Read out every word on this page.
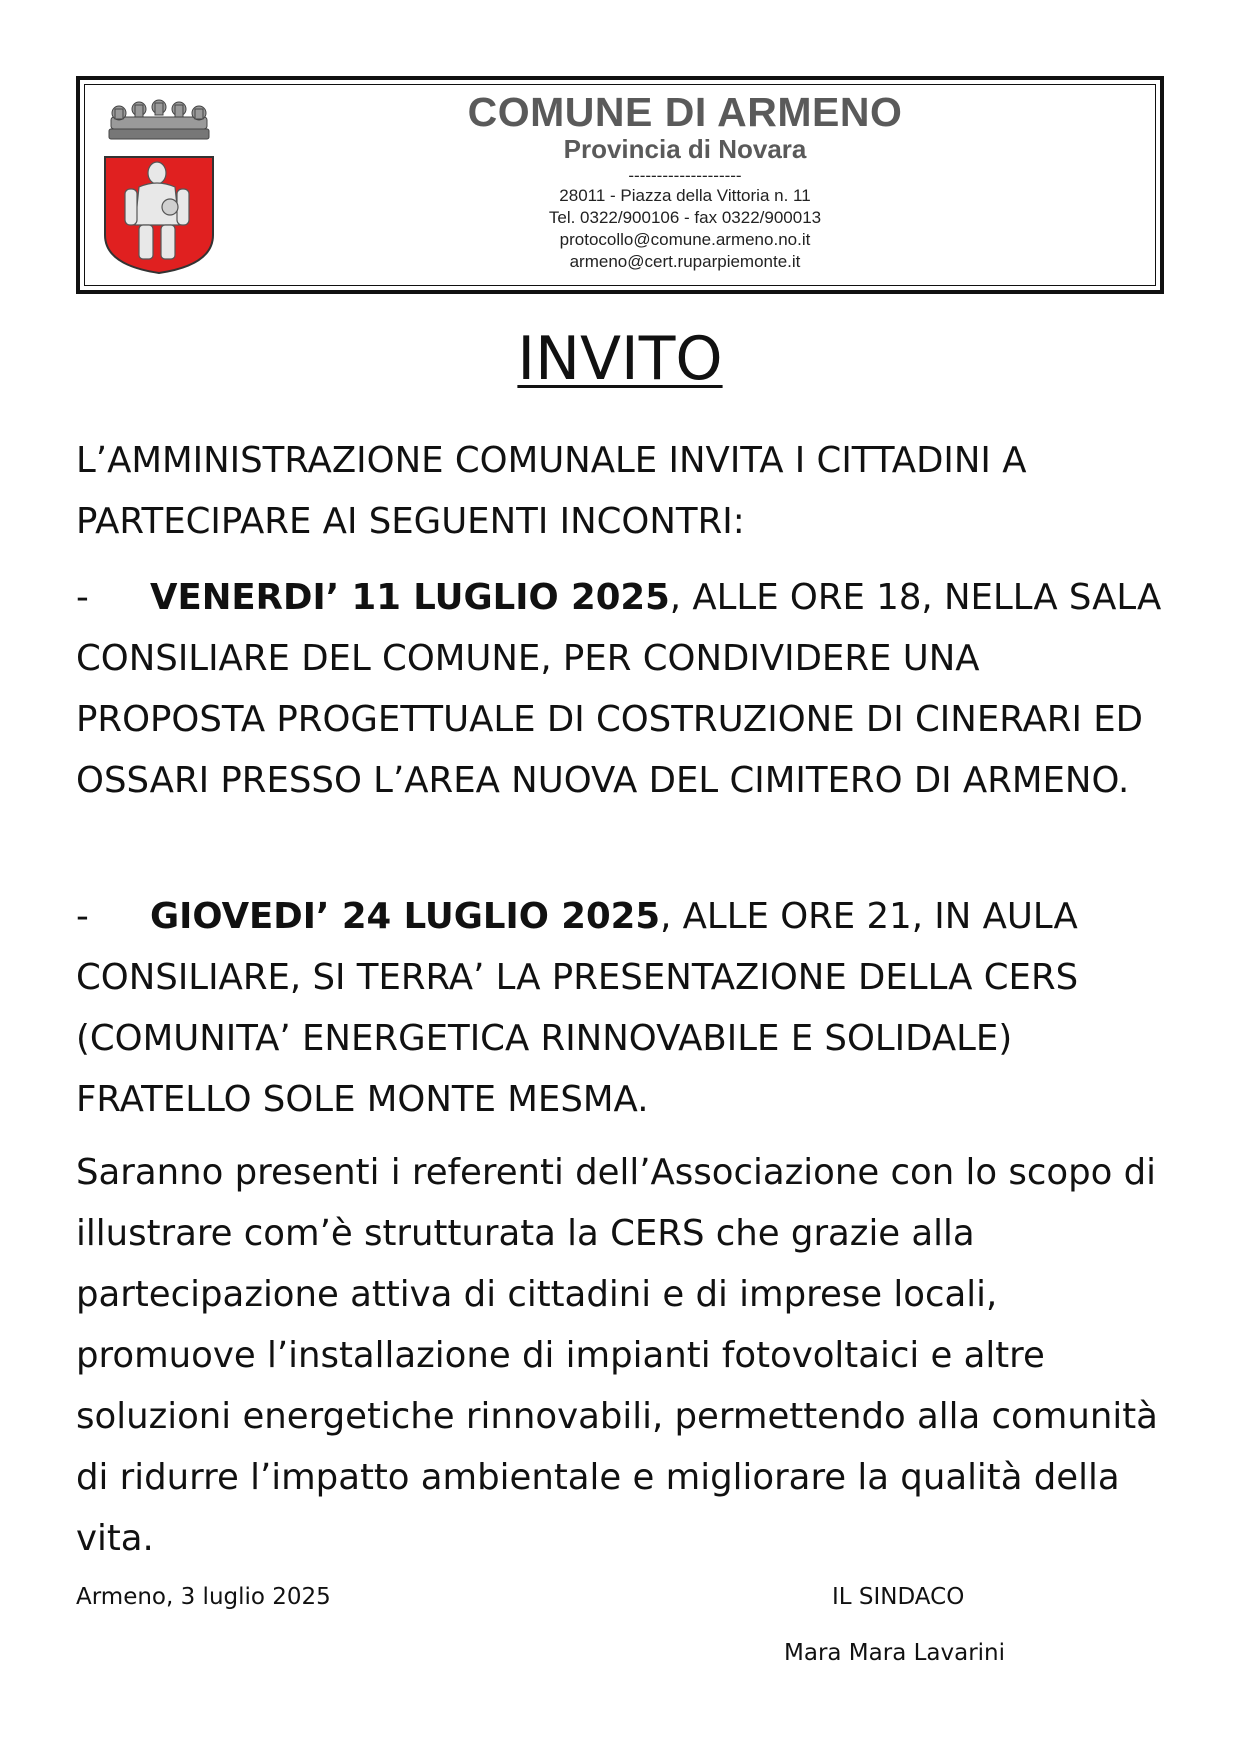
COMUNE DI ARMENO
Provincia di Novara
--------------------
28011 - Piazza della Vittoria n. 11
Tel. 0322/900106 - fax 0322/900013
protocollo@comune.armeno.no.it
armeno@cert.ruparpiemonte.it
INVITO

L’AMMINISTRAZIONE COMUNALE INVITA I CITTADINI A PARTECIPARE AI SEGUENTI INCONTRI:

- VENERDI’ 11 LUGLIO 2025, ALLE ORE 18, NELLA SALA CONSILIARE DEL COMUNE, PER CONDIVIDERE UNA PROPOSTA PROGETTUALE DI COSTRUZIONE DI CINERARI ED OSSARI PRESSO L’AREA NUOVA DEL CIMITERO DI ARMENO.

- GIOVEDI’ 24 LUGLIO 2025, ALLE ORE 21, IN AULA CONSILIARE, SI TERRA’ LA PRESENTAZIONE DELLA CERS (COMUNITA’ ENERGETICA RINNOVABILE E SOLIDALE) FRATELLO SOLE MONTE MESMA.

Saranno presenti i referenti dell’Associazione con lo scopo di illustrare com’è strutturata la CERS che grazie alla partecipazione attiva di cittadini e di imprese locali, promuove l’installazione di impianti fotovoltaici e altre soluzioni energetiche rinnovabili, permettendo alla comunità di ridurre l’impatto ambientale e migliorare la qualità della vita.

Armeno, 3 luglio 2025	IL SINDACO
Mara Mara Lavarini
